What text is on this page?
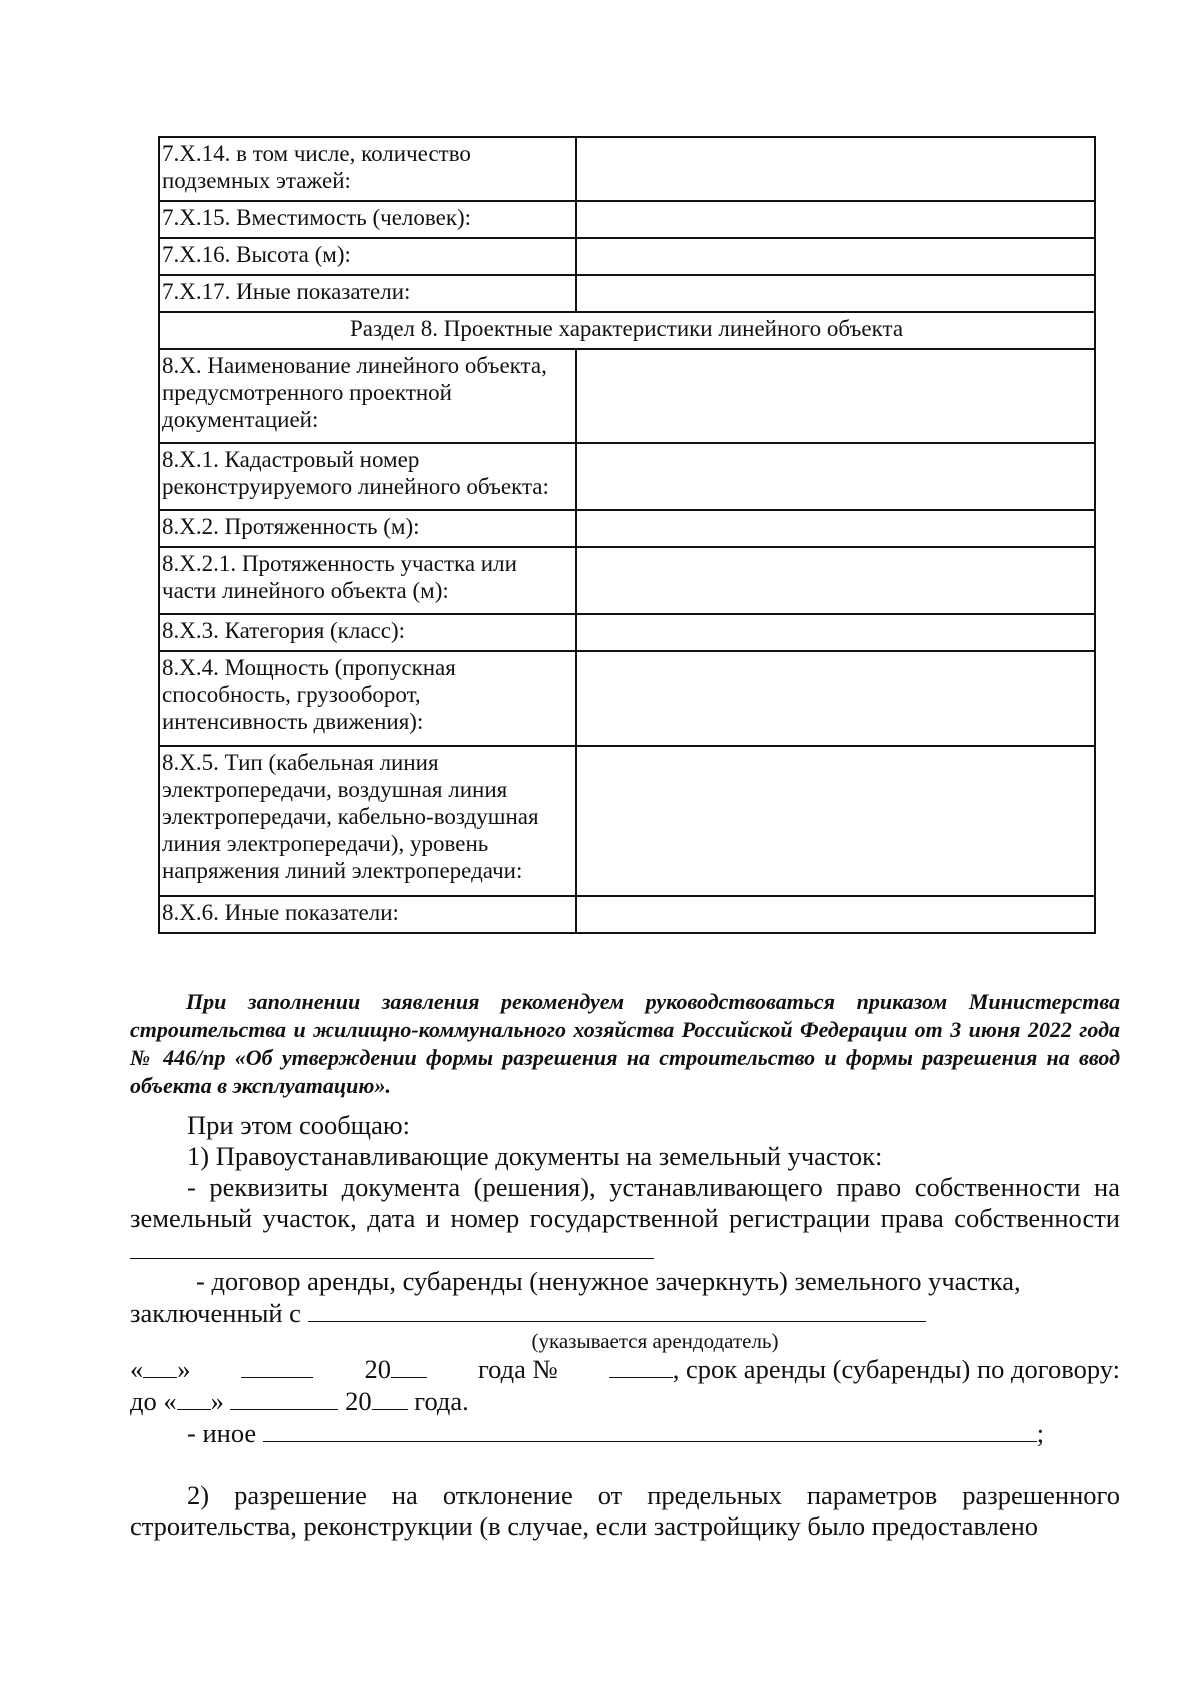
7.Х.14. в том числе, количество подземных этажей:	
7.Х.15. Вместимость (человек):	
7.Х.16. Высота (м):	
7.Х.17. Иные показатели:	
Раздел 8. Проектные характеристики линейного объекта	
8.Х. Наименование линейного объекта, предусмотренного проектной документацией:	
8.Х.1. Кадастровый номер реконструируемого линейного объекта:	
8.Х.2. Протяженность (м):	
8.Х.2.1. Протяженность участка или части линейного объекта (м):	
8.Х.3. Категория (класс):	
8.Х.4. Мощность (пропускная способность, грузооборот, интенсивность движения):	
8.Х.5. Тип (кабельная линия электропередачи, воздушная линия электропередачи, кабельно-воздушная линия электропередачи), уровень напряжения линий электропередачи:	
8.Х.6. Иные показатели:	

При заполнении заявления рекомендуем руководствоваться приказом Министерства строительства и жилищно-коммунального хозяйства Российской Федерации от 3 июня 2022 года № 446/пр «Об утверждении формы разрешения на строительство и формы разрешения на ввод объекта в эксплуатацию».

При этом сообщаю:

1) Правоустанавливающие документы на земельный участок:

- реквизиты документа (решения), устанавливающего право собственности на земельный участок, дата и номер государственной регистрации права собственности

- договор аренды, субаренды (ненужное зачеркнуть) земельного участка,

заключенный с

(указывается арендодатель)

« »	20	года №	, срок аренды (субаренды) по договору:

до « »	20 года.

- иное	;

2) разрешение на отклонение от предельных параметров разрешенного строительства, реконструкции (в случае, если застройщику было предоставлено
